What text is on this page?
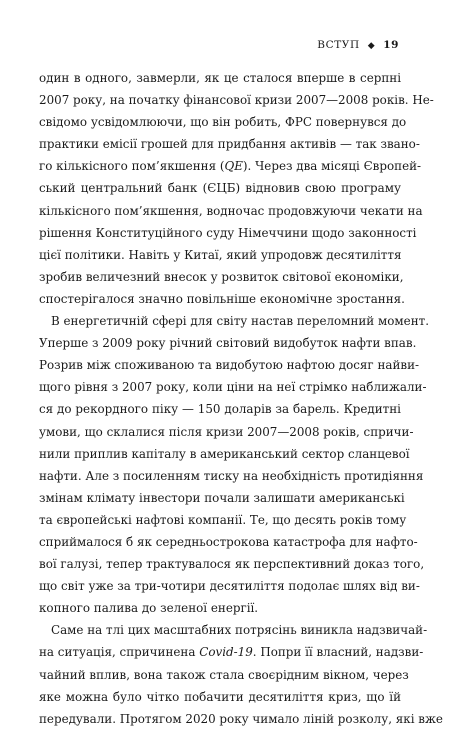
ВСТУП ◆ 19
один в одного, завмерли, як це сталося вперше в серпні
2007 року, на початку фінансової кризи 2007—2008 років. Не-
свідомо усвідомлюючи, що він робить, ФРС повернувся до
практики емісії грошей для придбання активів — так звано-
го кількісного пом’якшення (QE). Через два місяці Європей-
ський центральний банк (ЄЦБ) відновив свою програму
кількісного пом’якшення, водночас продовжуючи чекати на
рішення Конституційного суду Німеччини щодо законності
цієї політики. Навіть у Китаї, який упродовж десятиліття
зробив величезний внесок у розвиток світової економіки,
спостерігалося значно повільніше економічне зростання.
В енергетичній сфері для світу настав переломний момент.
Уперше з 2009 року річний світовий видобуток нафти впав.
Розрив між споживаною та видобутою нафтою досяг найви-
щого рівня з 2007 року, коли ціни на неї стрімко наближали-
ся до рекордного піку — 150 доларів за барель. Кредитні
умови, що склалися після кризи 2007—2008 років, спричи-
нили приплив капіталу в американський сектор сланцевої
нафти. Але з посиленням тиску на необхідність протидіяння
змінам клімату інвестори почали залишати американські
та європейські нафтові компанії. Те, що десять років тому
сприймалося б як середньострокова катастрофа для нафто-
вої галузі, тепер трактувалося як перспективний доказ того,
що світ уже за три-чотири десятиліття подолає шлях від ви-
копного палива до зеленої енергії.
Саме на тлі цих масштабних потрясінь виникла надзвичай-
на ситуація, спричинена Covid-19. Попри її власний, надзви-
чайний вплив, вона також стала своєрідним вікном, через
яке можна було чітко побачити десятиліття криз, що їй
передували. Протягом 2020 року чимало ліній розколу, які вже
